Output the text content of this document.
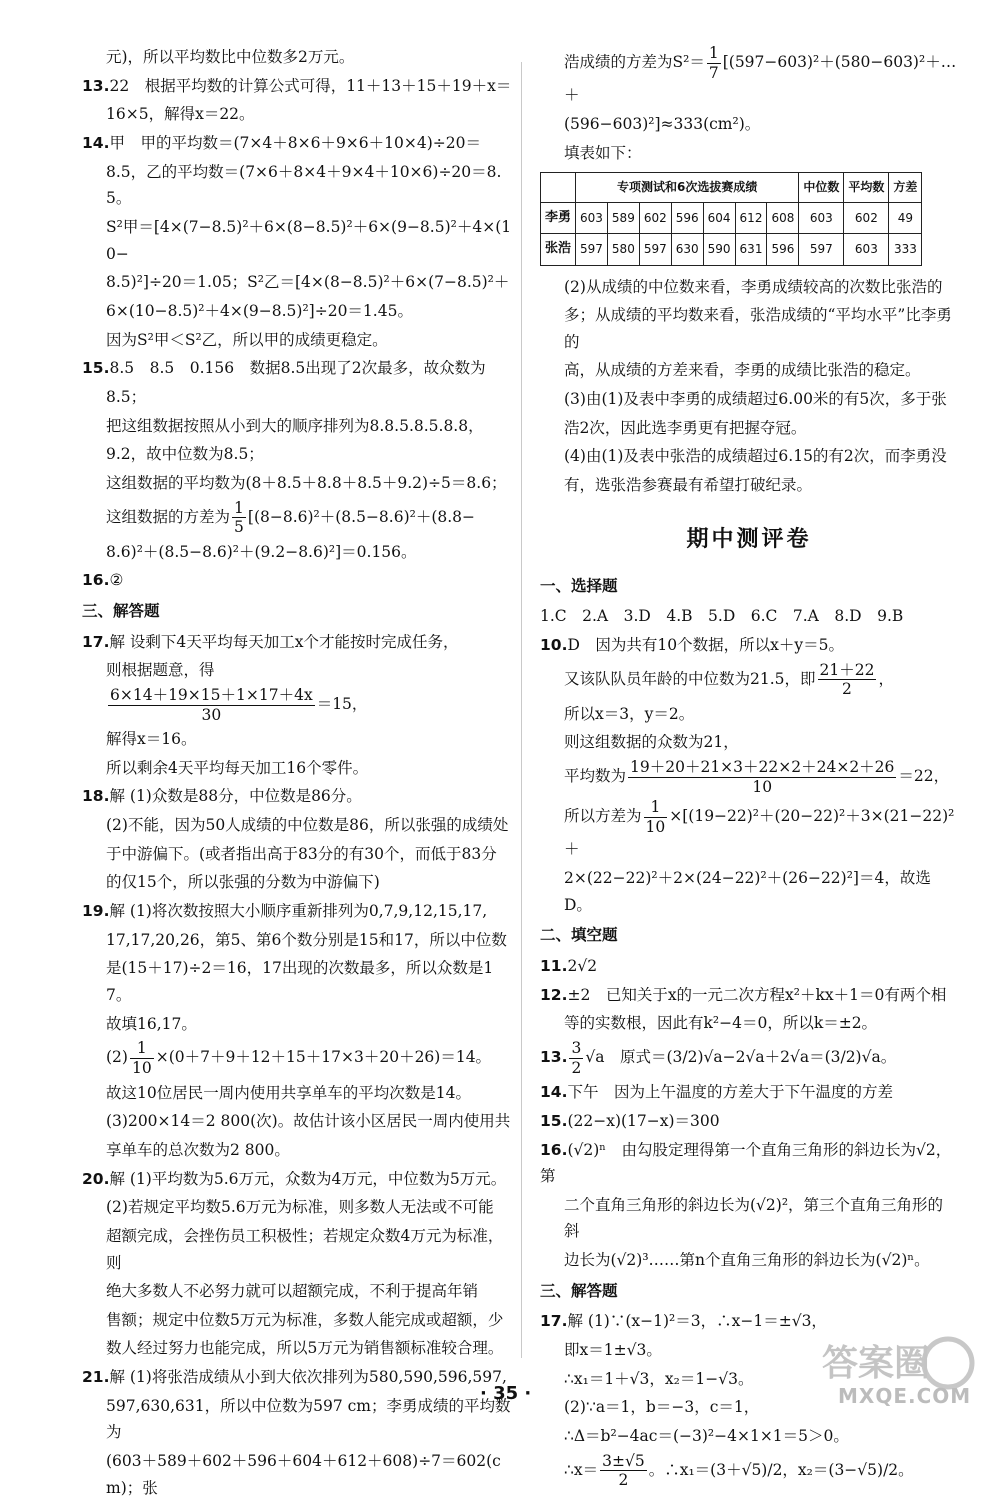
元)，所以平均数比中位数多2万元。
13.22　根据平均数的计算公式可得，11＋13＋15＋19＋x＝
16×5，解得x＝22。
14.甲　甲的平均数＝(7×4＋8×6＋9×6＋10×4)÷20＝
8.5，乙的平均数＝(7×6＋8×4＋9×4＋10×6)÷20＝8.5。
S²甲＝[4×(7−8.5)²＋6×(8−8.5)²＋6×(9−8.5)²＋4×(10−
8.5)²]÷20＝1.05；S²乙＝[4×(8−8.5)²＋6×(7−8.5)²＋
6×(10−8.5)²＋4×(9−8.5)²]÷20＝1.45。
因为S²甲＜S²乙，所以甲的成绩更稳定。
15.8.5　8.5　0.156　数据8.5出现了2次最多，故众数为
8.5；
把这组数据按照从小到大的顺序排列为8.8.5.8.5.8.8，
9.2，故中位数为8.5；
这组数据的平均数为(8＋8.5＋8.8＋8.5＋9.2)÷5＝8.6；
这组数据的方差为 $\frac{1}{5} [(8-8.6)^2+(8.5-8.6)^2+(8.8-$
8.6)²＋(8.5−8.6)²＋(9.2−8.6)²]＝0.156。
16.②
三、解答题
17.解 设剩下4天平均每天加工x个才能按时完成任务，
则根据题意，得
$\frac{6\times 14+19\times 15+1\times 17+4x}{30} =15$，
解得x＝16。
所以剩余4天平均每天加工16个零件。
18.解 (1)众数是88分，中位数是86分。
(2)不能，因为50人成绩的中位数是86，所以张强的成绩处
于中游偏下。(或者指出高于83分的有30个，而低于83分
的仅15个，所以张强的分数为中游偏下)
19.解 (1)将次数按照大小顺序重新排列为0,7,9,12,15,17,
17,17,20,26，第5、第6个数分别是15和17，所以中位数
是(15＋17)÷2＝16，17出现的次数最多，所以众数是17。
故填16,17。
$(2) \frac{1}{10} \times(0+7+9+12+15+17\times 3+20+26)=14$。
故这10位居民一周内使用共享单车的平均次数是14。
(3)200×14＝2 800(次)。故估计该小区居民一周内使用共
享单车的总次数为2 800。
20.解 (1)平均数为5.6万元，众数为4万元，中位数为5万元。
(2)若规定平均数5.6万元为标准，则多数人无法或不可能
超额完成，会挫伤员工积极性；若规定众数4万元为标准，则
绝大多数人不必努力就可以超额完成，不利于提高年销
售额；规定中位数5万元为标准，多数人能完成或超额，少
数人经过努力也能完成，所以5万元为销售额标准较合理。
21.解 (1)将张浩成绩从小到大依次排列为580,590,596,597,
597,630,631，所以中位数为597 cm；李勇成绩的平均数为
(603＋589＋602＋596＋604＋612＋608)÷7＝602(cm)；张
浩成绩的方差为$S^2= \frac{1}{7}$ [(597−603)²＋(580−603)²＋…＋
(596−603)²]≈333(cm²)。
填表如下：
	专项测试和6次选拔赛成绩							中位数	平均数	方差
李勇	603	589	602	596	604	612	608	603	602	49
张浩	597	580	597	630	590	631	596	597	603	333
(2)从成绩的中位数来看，李勇成绩较高的次数比张浩的
多；从成绩的平均数来看，张浩成绩的“平均水平”比李勇的
高，从成绩的方差来看，李勇的成绩比张浩的稳定。
(3)由(1)及表中李勇的成绩超过6.00米的有5次，多于张
浩2次，因此选李勇更有把握夺冠。
(4)由(1)及表中张浩的成绩超过6.15的有2次，而李勇没
有，选张浩参赛最有希望打破纪录。
期中测评卷
一、选择题
1.C　2.A　3.D　4.B　5.D　6.C　7.A　8.D　9.B
10.D　因为共有10个数据，所以x＋y＝5。
又该队队员年龄的中位数为21.5，即 $\frac{21+22}{2}$ ，
所以x＝3，y＝2。
则这组数据的众数为21，
平均数为 $\frac{19+20+21\times 3+22\times 2+24\times 2+26}{10} =22$，
所以方差为 $\frac{1}{10} \times[(19-22)^2+(20-22)^2+3\times(21-22)^2+$
2×(22−22)²＋2×(24−22)²＋(26−22)²]＝4，故选D。
二、填空题
11.2√2
12.±2　已知关于x的一元二次方程x²＋kx＋1＝0有两个相
等的实数根，因此有k²−4＝0，所以k＝±2。
13. $\frac{3}{2} √a$　原式＝(3/2)√a−2√a＋2√a＝(3/2)√a。
14.下午　因为上午温度的方差大于下午温度的方差
15.(22−x)(17−x)＝300
16.(√2)ⁿ　由勾股定理得第一个直角三角形的斜边长为√2，第
二个直角三角形的斜边长为(√2)²，第三个直角三角形的斜
边长为(√2)³……第n个直角三角形的斜边长为(√2)ⁿ。
三、解答题
17.解 (1)∵(x−1)²＝3，∴x−1＝±√3，
即x＝1±√3。
∴x₁＝1＋√3，x₂＝1−√3。
(2)∵a＝1，b＝−3，c＝1，
∴Δ＝b²−4ac＝(−3)²−4×1×1＝5＞0。
∴x＝ $\frac{3\pm√5}{2}$ 。∴x₁＝(3＋√5)/2，x₂＝(3−√5)/2。
· 35 ·
答案圈
MXQE.COM
